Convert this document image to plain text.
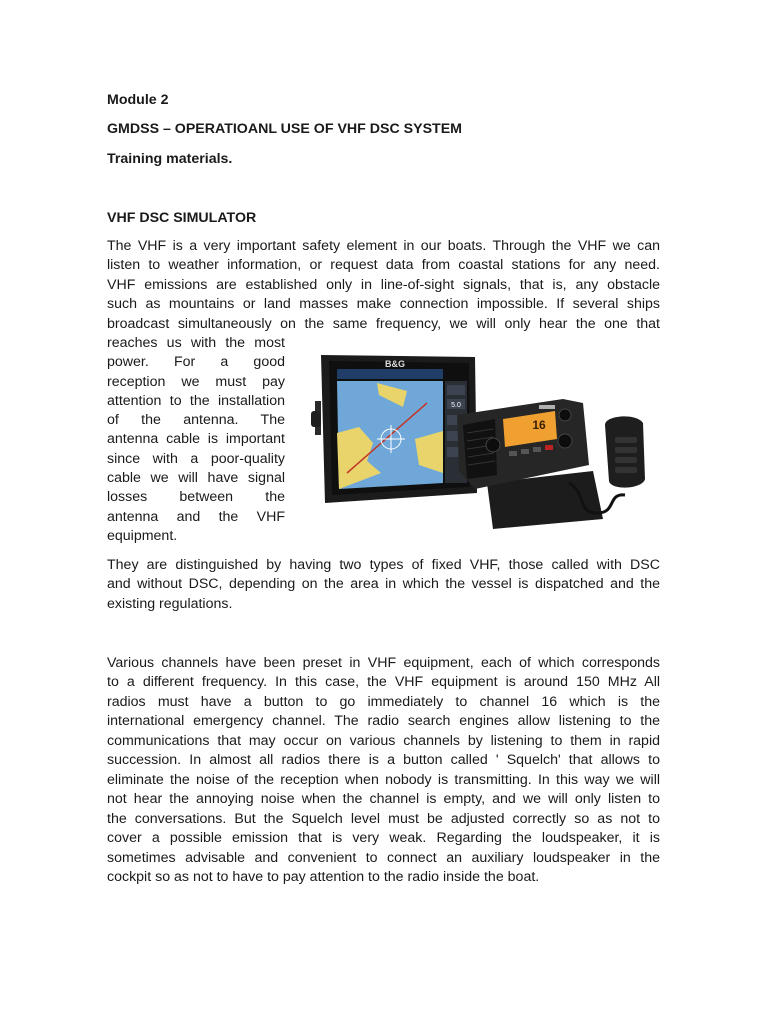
Module 2

GMDSS – OPERATIOANL USE OF VHF DSC SYSTEM

Training materials.

VHF DSC SIMULATOR

The VHF is a very important safety element in our boats. Through the VHF we can
listen to weather information, or request data from coastal stations for any need.
VHF emissions are established only in line-of-sight signals, that is, any obstacle
such as mountains or land masses make connection impossible. If several ships
broadcast simultaneously on the same frequency, we will only hear the one that
reaches us with the most
power. For a good
reception we must pay
attention to the installation
of the antenna. The
antenna cable is important
since with a poor-quality
cable we will have signal
losses between the
antenna and the VHF
equipment.
5.0
B&G
16
They are distinguished by having two types of fixed VHF, those called with DSC
and without DSC, depending on the area in which the vessel is dispatched and the
existing regulations.
Various channels have been preset in VHF equipment, each of which corresponds
to a different frequency. In this case, the VHF equipment is around 150 MHz All
radios must have a button to go immediately to channel 16 which is the
international emergency channel. The radio search engines allow listening to the
communications that may occur on various channels by listening to them in rapid
succession. In almost all radios there is a button called ' Squelch' that allows to
eliminate the noise of the reception when nobody is transmitting. In this way we will
not hear the annoying noise when the channel is empty, and we will only listen to
the conversations. But the Squelch level must be adjusted correctly so as not to
cover a possible emission that is very weak. Regarding the loudspeaker, it is
sometimes advisable and convenient to connect an auxiliary loudspeaker in the
cockpit so as not to have to pay attention to the radio inside the boat.
